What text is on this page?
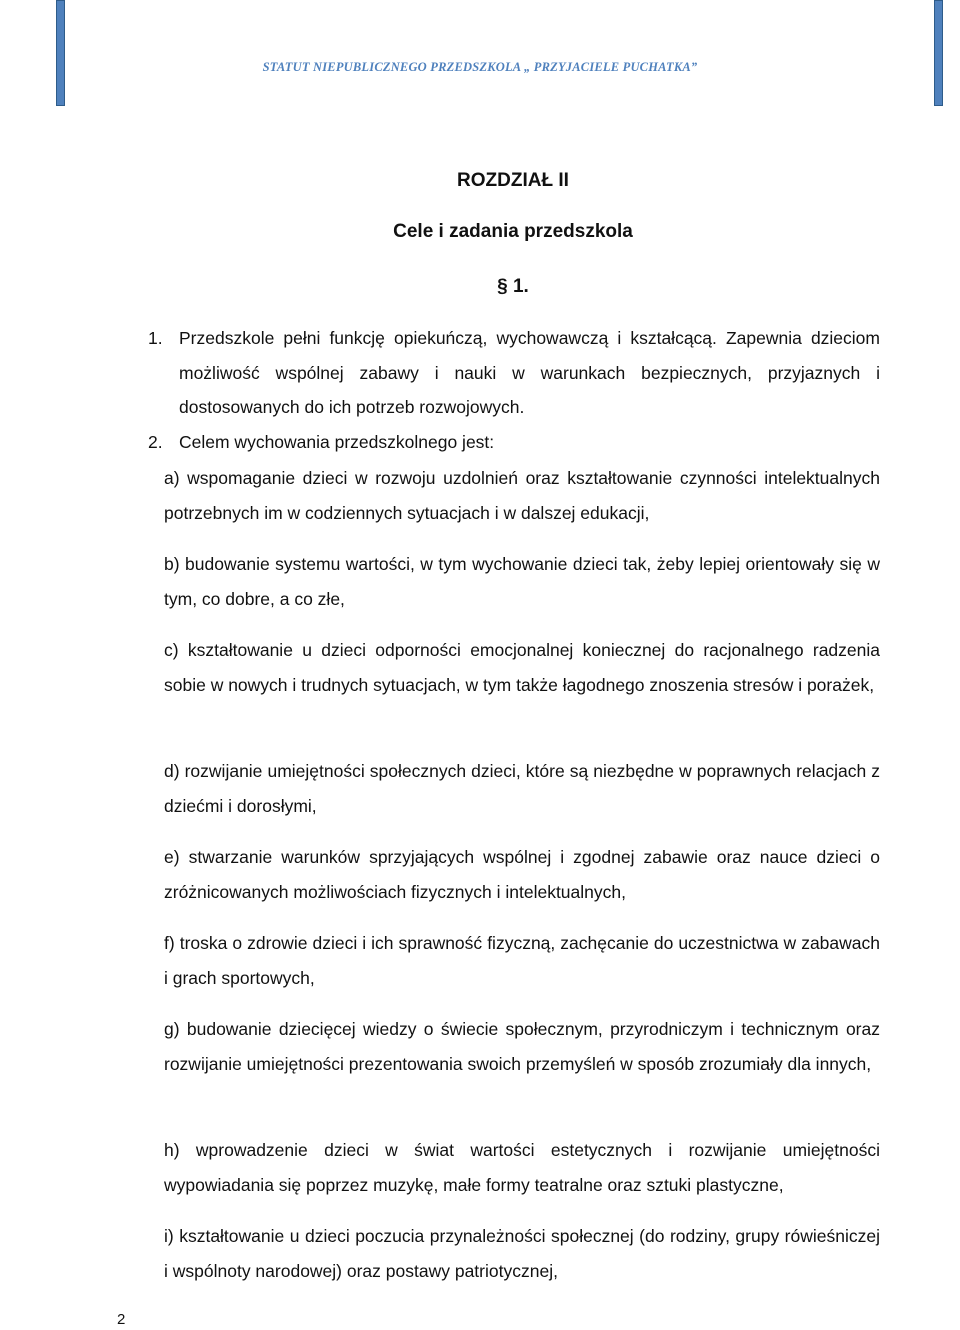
STATUT NIEPUBLICZNEGO PRZEDSZKOLA „ PRZYJACIELE PUCHATKA”
ROZDZIAŁ II
Cele i zadania przedszkola
§ 1.
1. Przedszkole pełni funkcję opiekuńczą, wychowawczą i kształcącą. Zapewnia dzieciom możliwość wspólnej zabawy i nauki w warunkach bezpiecznych, przyjaznych i dostosowanych do ich potrzeb rozwojowych.
2. Celem wychowania przedszkolnego jest:

a) wspomaganie dzieci w rozwoju uzdolnień oraz kształtowanie czynności intelektualnych potrzebnych im w codziennych sytuacjach i w dalszej edukacji,

b) budowanie systemu wartości, w tym wychowanie dzieci tak, żeby lepiej orientowały się w tym, co dobre, a co złe,

c) kształtowanie u dzieci odporności emocjonalnej koniecznej do racjonalnego radzenia sobie w nowych i trudnych sytuacjach, w tym także łagodnego znoszenia stresów i porażek,

d) rozwijanie umiejętności społecznych dzieci, które są niezbędne w poprawnych relacjach z dziećmi i dorosłymi,

e) stwarzanie warunków sprzyjających wspólnej i zgodnej zabawie oraz nauce dzieci o zróżnicowanych możliwościach fizycznych i intelektualnych,

f) troska o zdrowie dzieci i ich sprawność fizyczną, zachęcanie do uczestnictwa w zabawach i grach sportowych,

g) budowanie dziecięcej wiedzy o świecie społecznym, przyrodniczym i technicznym oraz rozwijanie umiejętności prezentowania swoich przemyśleń w sposób zrozumiały dla innych,

h) wprowadzenie dzieci w świat wartości estetycznych i rozwijanie umiejętności wypowiadania się poprzez muzykę, małe formy teatralne oraz sztuki plastyczne,

i) kształtowanie u dzieci poczucia przynależności społecznej (do rodziny, grupy rówieśniczej i wspólnoty narodowej) oraz postawy patriotycznej,

2
